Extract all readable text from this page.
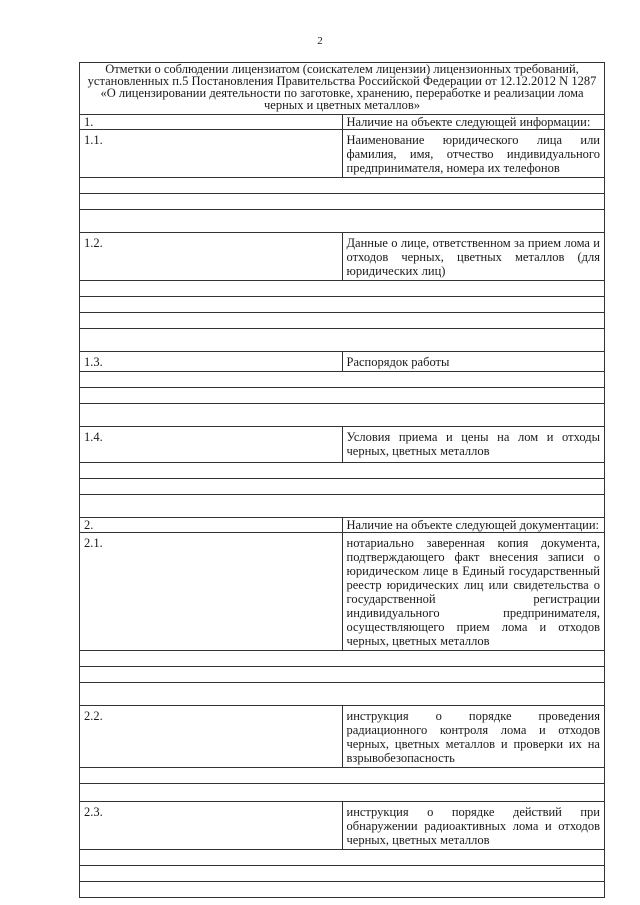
2
Отметки о соблюдении лицензиатом (соискателем лицензии) лицензионных требований, установленных п.5 Постановления Правительства Российской Федерации от 12.12.2012 N 1287 «О лицензировании деятельности по заготовке, хранению, переработке и реализации лома черных и цветных металлов»	
1.	Наличие на объекте следующей информации:
1.1.	Наименование юридического лица или фамилия, имя, отчество индивидуального предпринимателя, номера их телефонов

1.2.	Данные о лице, ответственном за прием лома и отходов черных, цветных металлов (для юридических лиц)

1.3.	Распорядок работы

1.4.	Условия приема и цены на лом и отходы черных, цветных металлов

2.	Наличие на объекте следующей документации:
2.1.	нотариально заверенная копия документа, подтверждающего факт внесения записи о юридическом лице в Единый государственный реестр юридических лиц или свидетельства о государственной регистрации индивидуального предпринимателя, осуществляющего прием лома и отходов черных, цветных металлов

2.2.	инструкция о порядке проведения радиационного контроля лома и отходов черных, цветных металлов и проверки их на взрывобезопасность

2.3.	инструкция о порядке действий при обнаружении радиоактивных лома и отходов черных, цветных металлов
